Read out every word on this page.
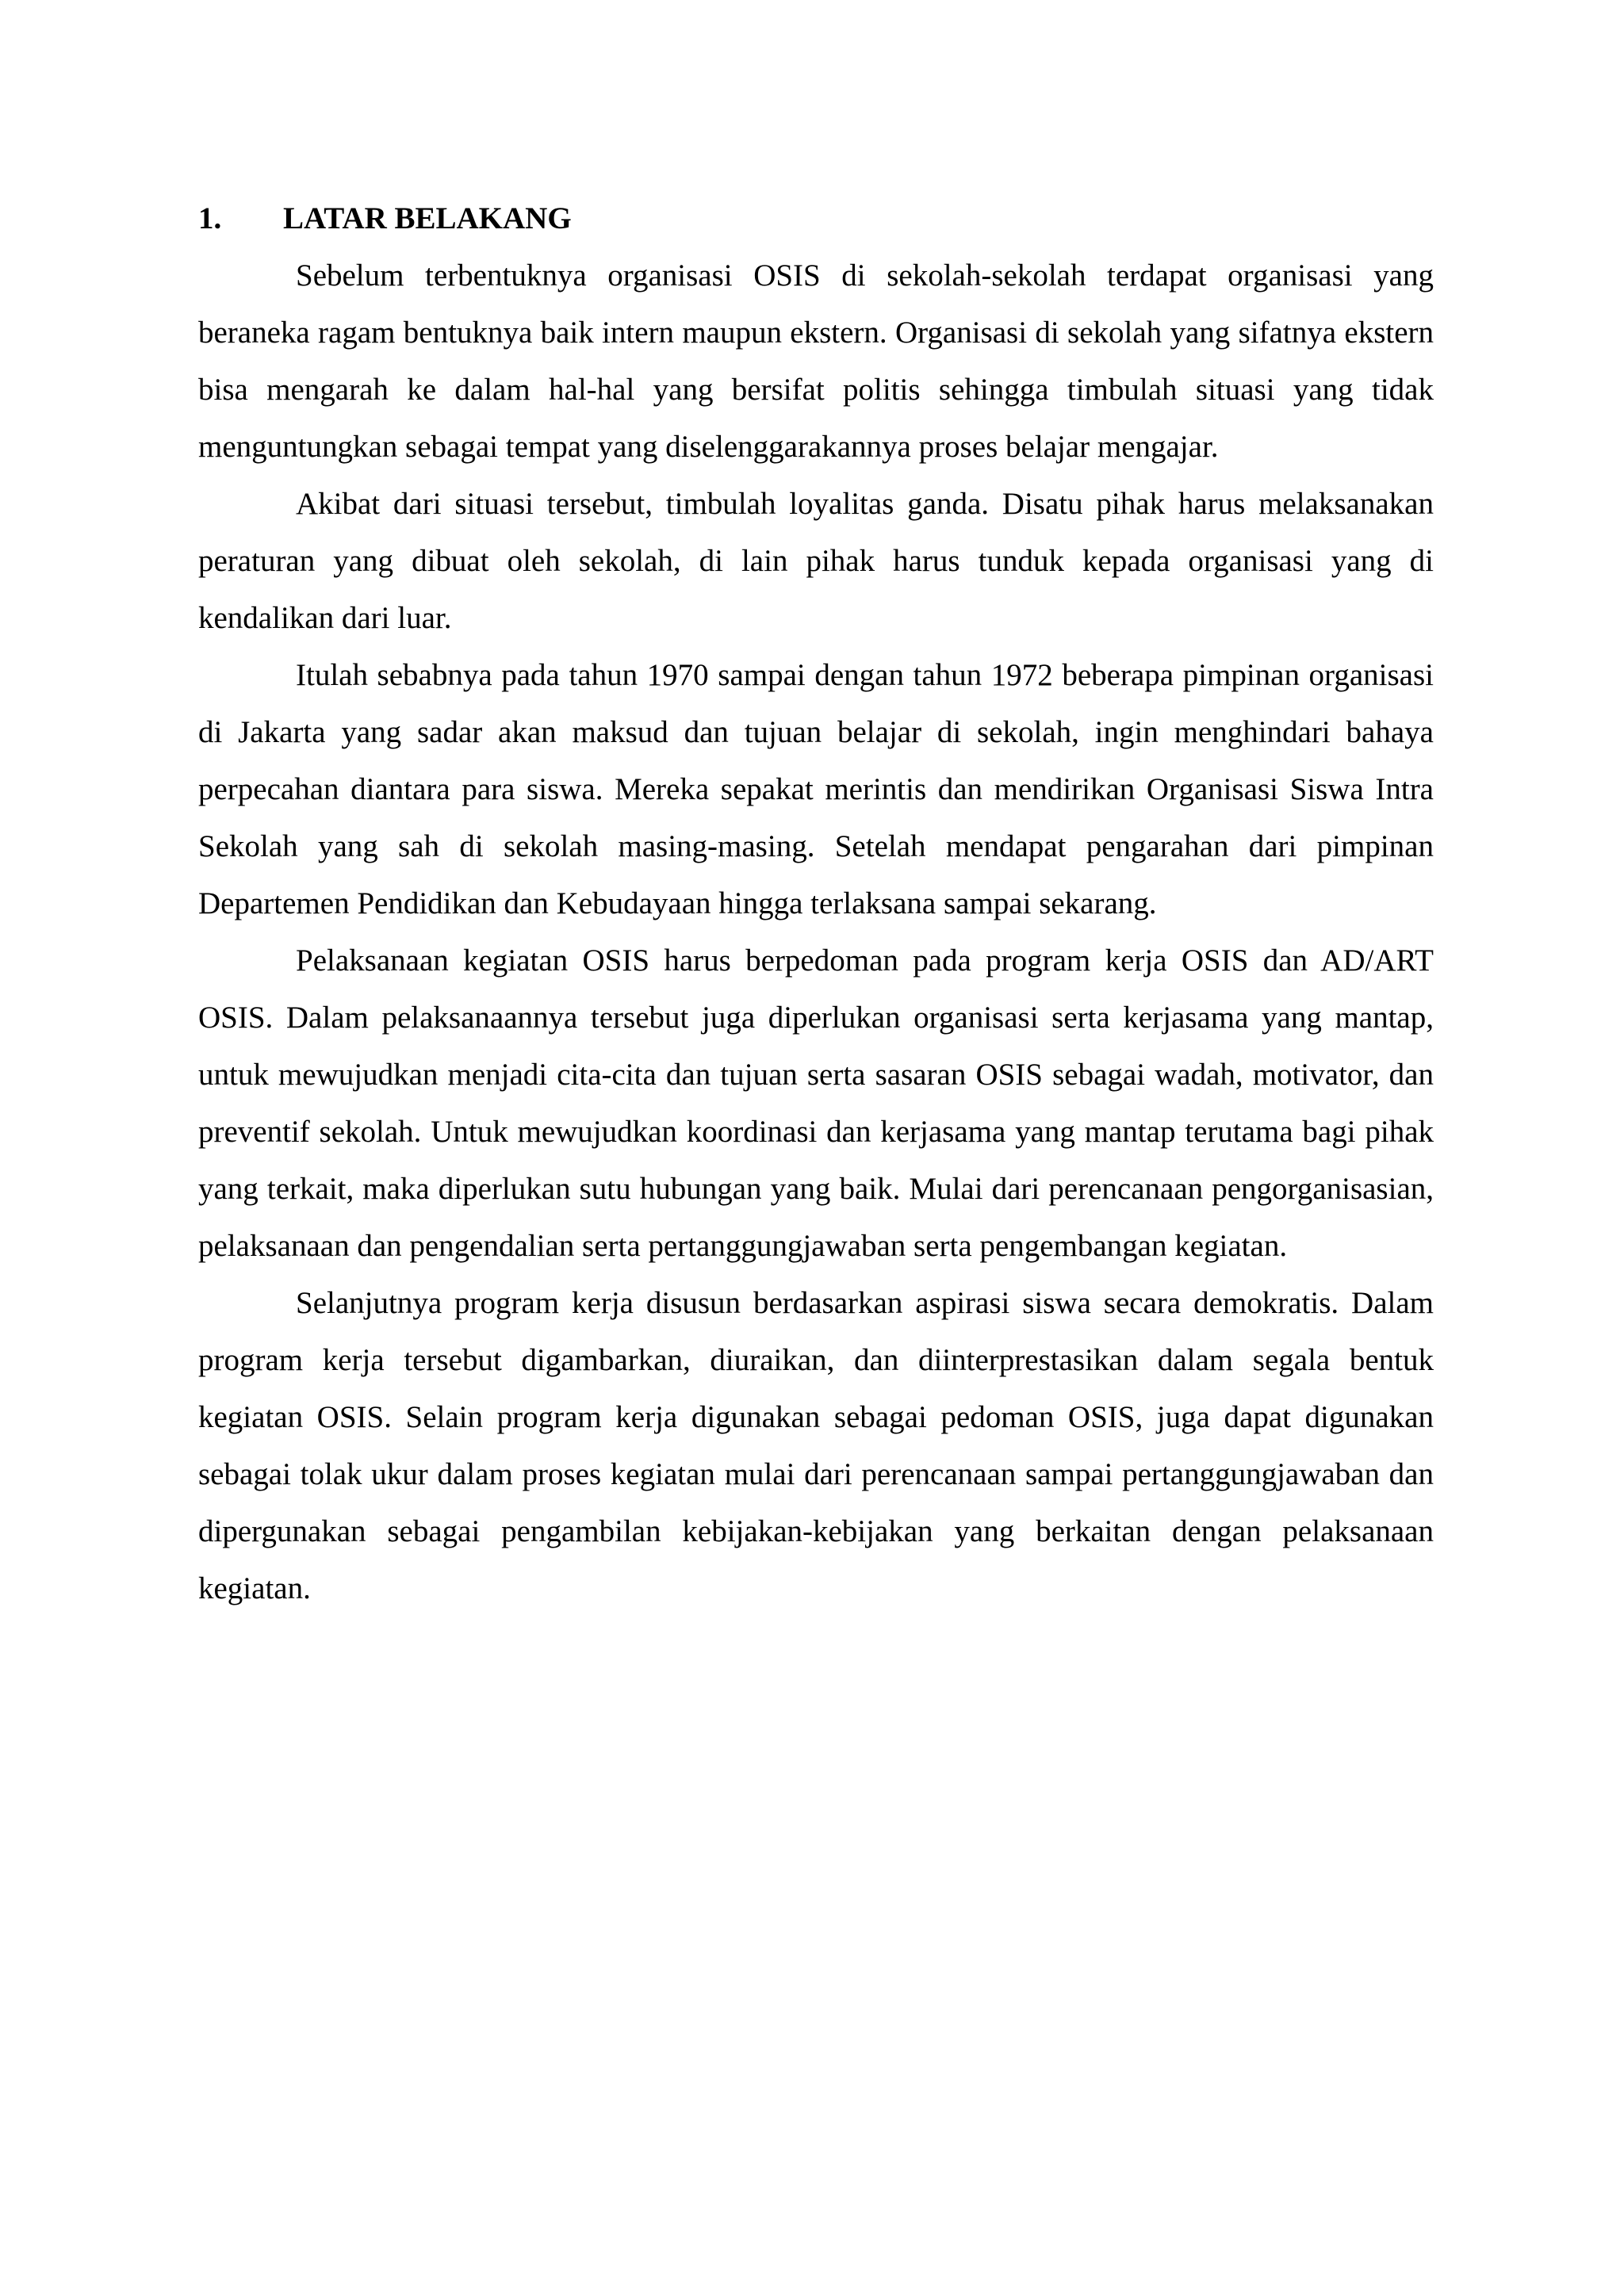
1.	LATAR BELAKANG

Sebelum terbentuknya organisasi OSIS di sekolah-sekolah terdapat organisasi yang beraneka ragam bentuknya baik intern maupun ekstern. Organisasi di sekolah yang sifatnya ekstern bisa mengarah ke dalam hal-hal yang bersifat politis sehingga timbulah situasi yang tidak menguntungkan sebagai tempat yang diselenggarakannya proses belajar mengajar.

Akibat dari situasi tersebut, timbulah loyalitas ganda. Disatu pihak harus melaksanakan peraturan yang dibuat oleh sekolah, di lain pihak harus tunduk kepada organisasi yang di kendalikan dari luar.

Itulah sebabnya pada tahun 1970 sampai dengan tahun 1972 beberapa pimpinan organisasi di Jakarta yang sadar akan maksud dan tujuan belajar di sekolah, ingin menghindari bahaya perpecahan diantara para siswa. Mereka sepakat merintis dan mendirikan Organisasi Siswa Intra Sekolah yang sah di sekolah masing-masing. Setelah mendapat pengarahan dari pimpinan Departemen Pendidikan dan Kebudayaan hingga terlaksana sampai sekarang.

Pelaksanaan kegiatan OSIS harus berpedoman pada program kerja OSIS dan AD/ART OSIS. Dalam pelaksanaannya tersebut juga diperlukan organisasi serta kerjasama yang mantap, untuk mewujudkan menjadi cita-cita dan tujuan serta sasaran OSIS sebagai wadah, motivator, dan preventif sekolah. Untuk mewujudkan koordinasi dan kerjasama yang mantap terutama bagi pihak yang terkait, maka diperlukan sutu hubungan yang baik. Mulai dari perencanaan pengorganisasian, pelaksanaan dan pengendalian serta pertanggungjawaban serta pengembangan kegiatan.

Selanjutnya program kerja disusun berdasarkan aspirasi siswa secara demokratis. Dalam program kerja tersebut digambarkan, diuraikan, dan diinterprestasikan dalam segala bentuk kegiatan OSIS. Selain program kerja digunakan sebagai pedoman OSIS, juga dapat digunakan sebagai tolak ukur dalam proses kegiatan mulai dari perencanaan sampai pertanggungjawaban dan dipergunakan sebagai pengambilan kebijakan-kebijakan yang berkaitan dengan pelaksanaan kegiatan.
